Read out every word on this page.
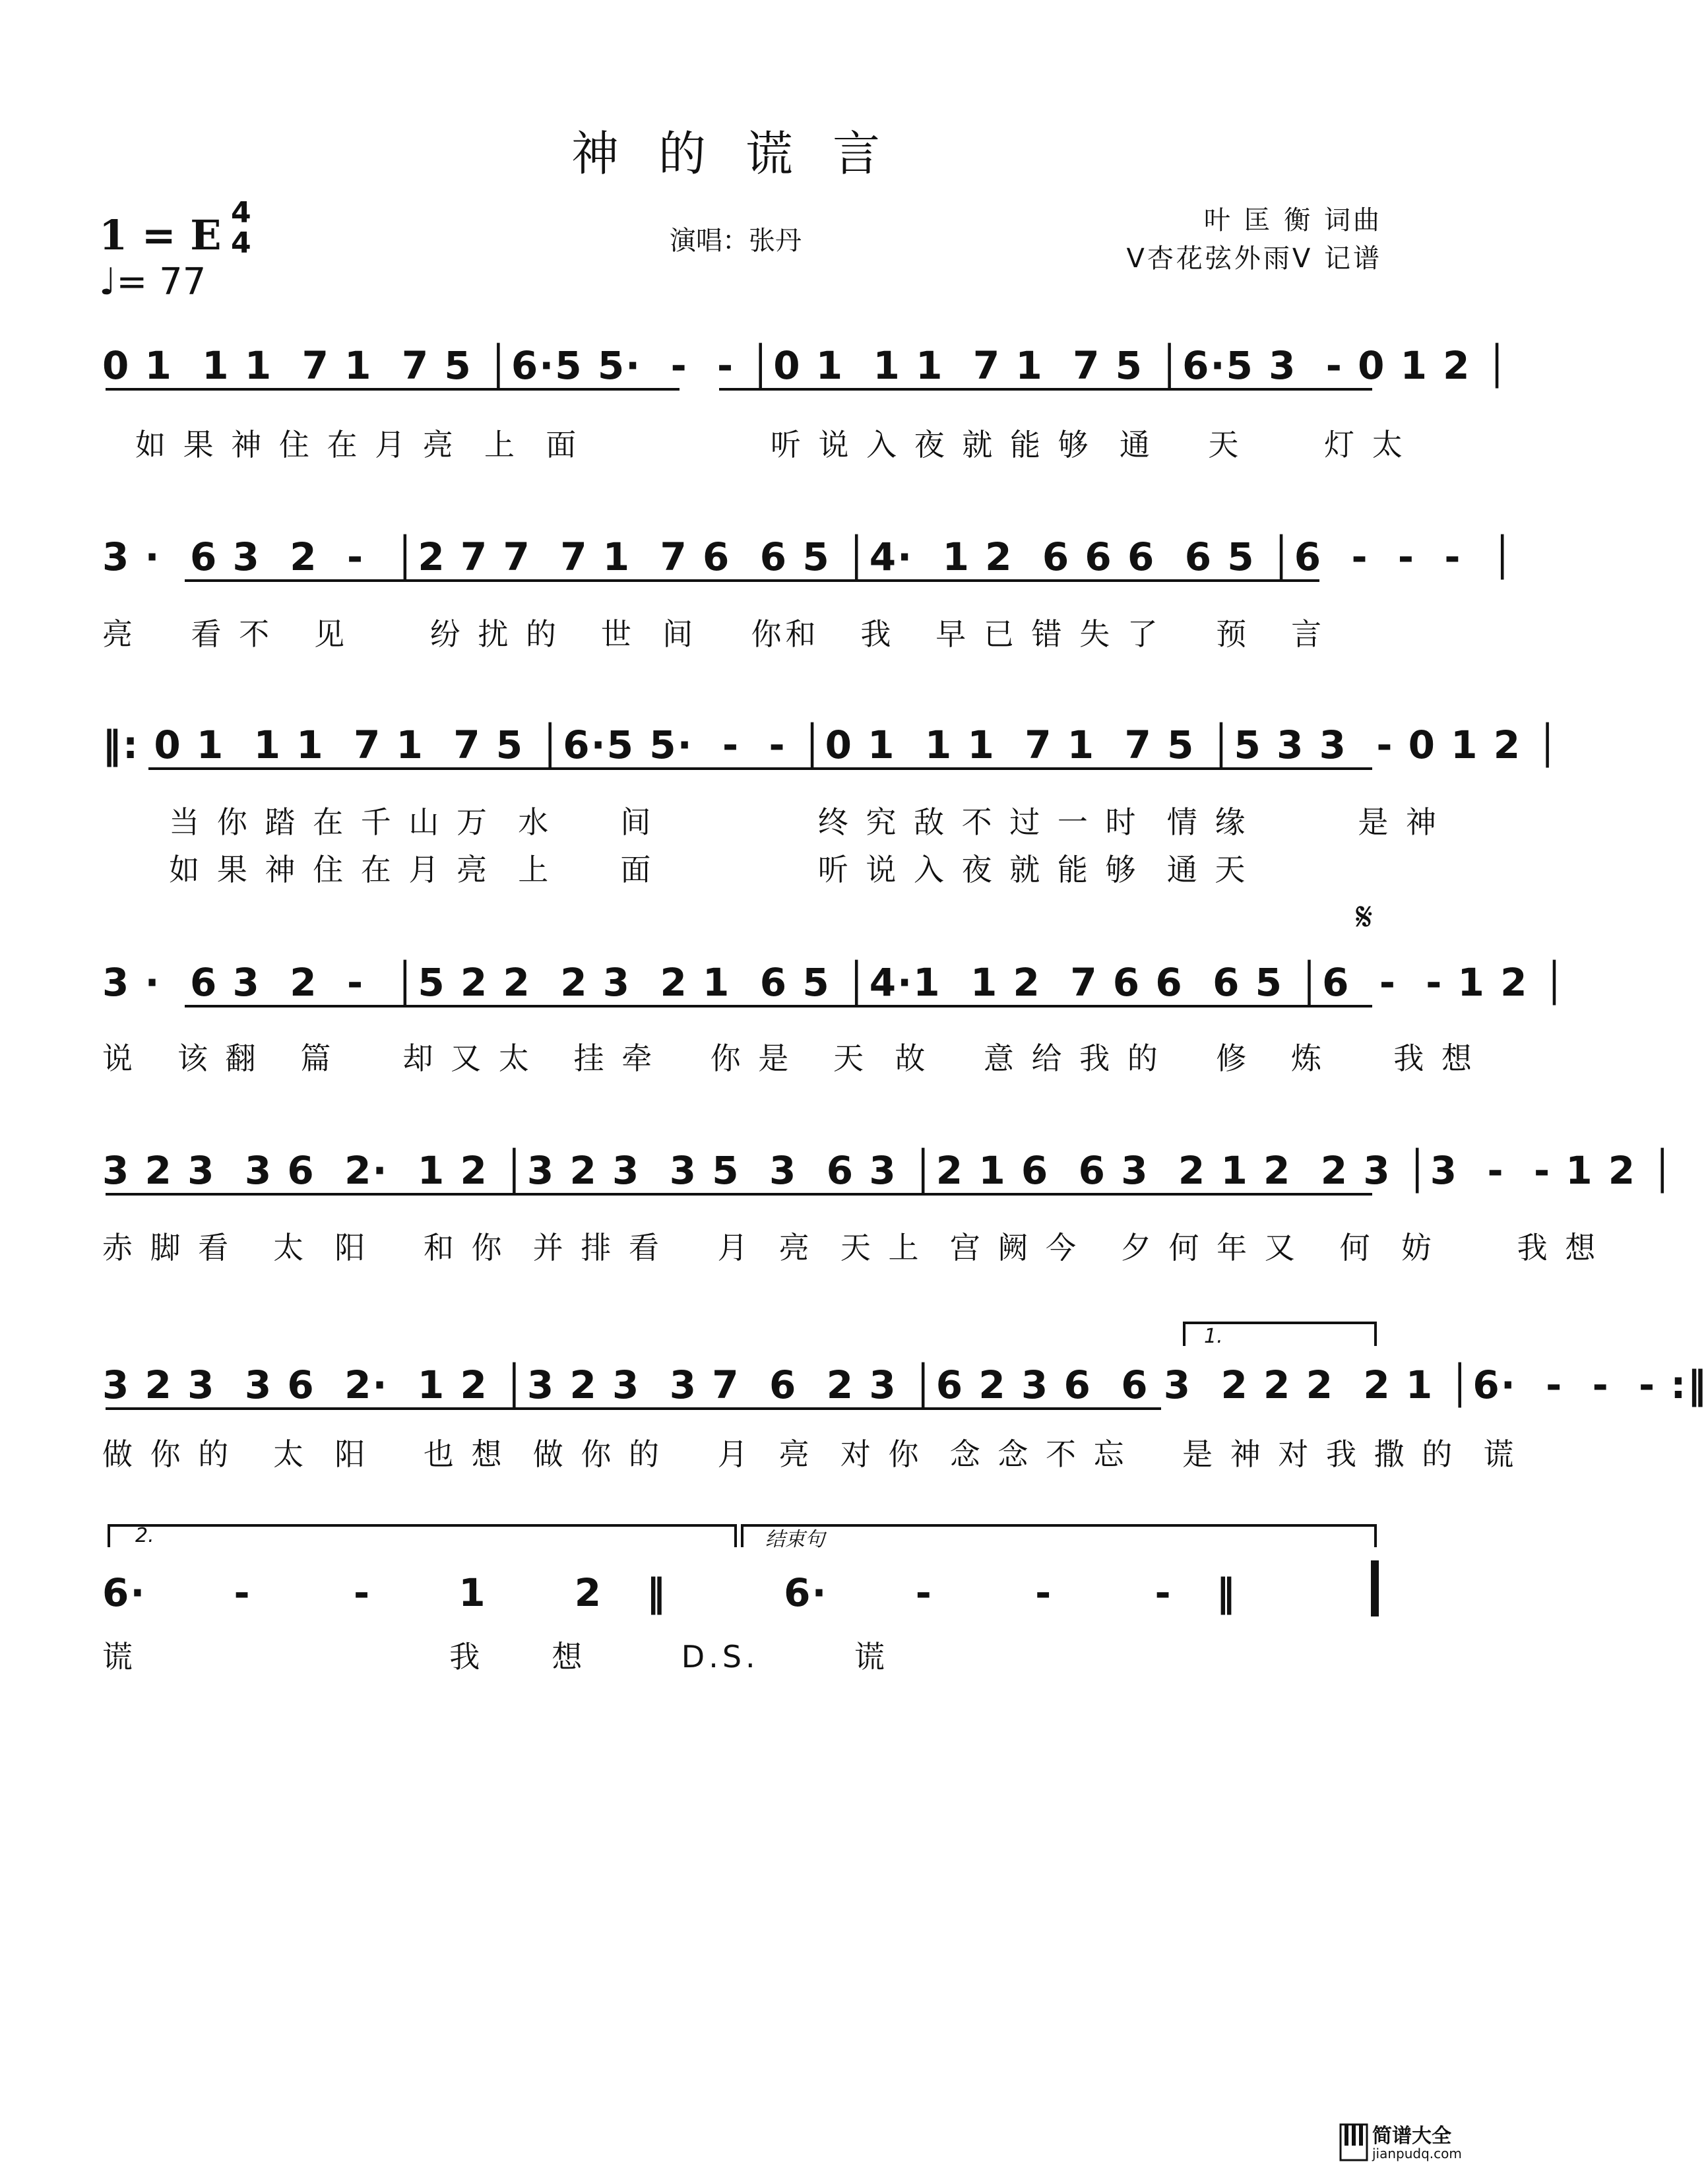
神的谎言
1 = E 4
4
♩= 77
演唱：张丹
叶 匡 衡 词曲
V杏花弦外雨V 记谱
0 1  1 1  7 1  7 5 │6·5 5·  -  - │0 1  1 1  7 1  7 5 │6·5 3  - 0 1 2 │
如 果 神 住 在 月 亮  上  面              听 说 入 夜 就 能 够  通    天      灯 太
3 ·  6 3  2  -  │2 7 7  7 1  7 6  6 5 │4·  1 2  6 6 6  6 5 │6  -  -  -  │
亮    看 不   见      纷 扰 的   世  间    你和   我   早 已 错 失 了    预   言
‖: 0 1  1 1  7 1  7 5 │6·5 5·  -  - │0 1  1 1  7 1  7 5 │5 3 3  - 0 1 2 │
当 你 踏 在 千 山 万  水     间            终 究 敌 不 过 一 时  情 缘        是 神
如 果 神 住 在 月 亮  上     面            听 说 入 夜 就 能 够  通 天
𝄋
3 ·  6 3  2  -  │5 2 2  2 3  2 1  6 5 │4·1  1 2  7 6 6  6 5 │6  -  - 1 2 │
说   该 翻   篇     却 又 太   挂 牵    你 是   天  故    意 给 我 的    修   炼     我 想
3 2 3  3 6  2·  1 2 │3 2 3  3 5  3  6 3 │2 1 6  6 3  2 1 2  2 3 │3  -  - 1 2 │
赤 脚 看   太  阳    和 你  并 排 看    月  亮  天 上  宫 阙 今   夕 何 年 又   何  妨      我 想
1.
3 2 3  3 6  2·  1 2 │3 2 3  3 7  6  2 3 │6 2 3 6  6 3  2 2 2  2 1 │6·  -  -  - :‖
做 你 的   太  阳    也 想  做 你 的    月  亮  对 你  念 念 不 忘    是 神 对 我 撒 的  谎
2.	结束句
6·      -       -      1      2   ‖        6·      -       -       -   ‖
谎                       我     想       D.S.       谎
简谱大全
jianpudq.com
